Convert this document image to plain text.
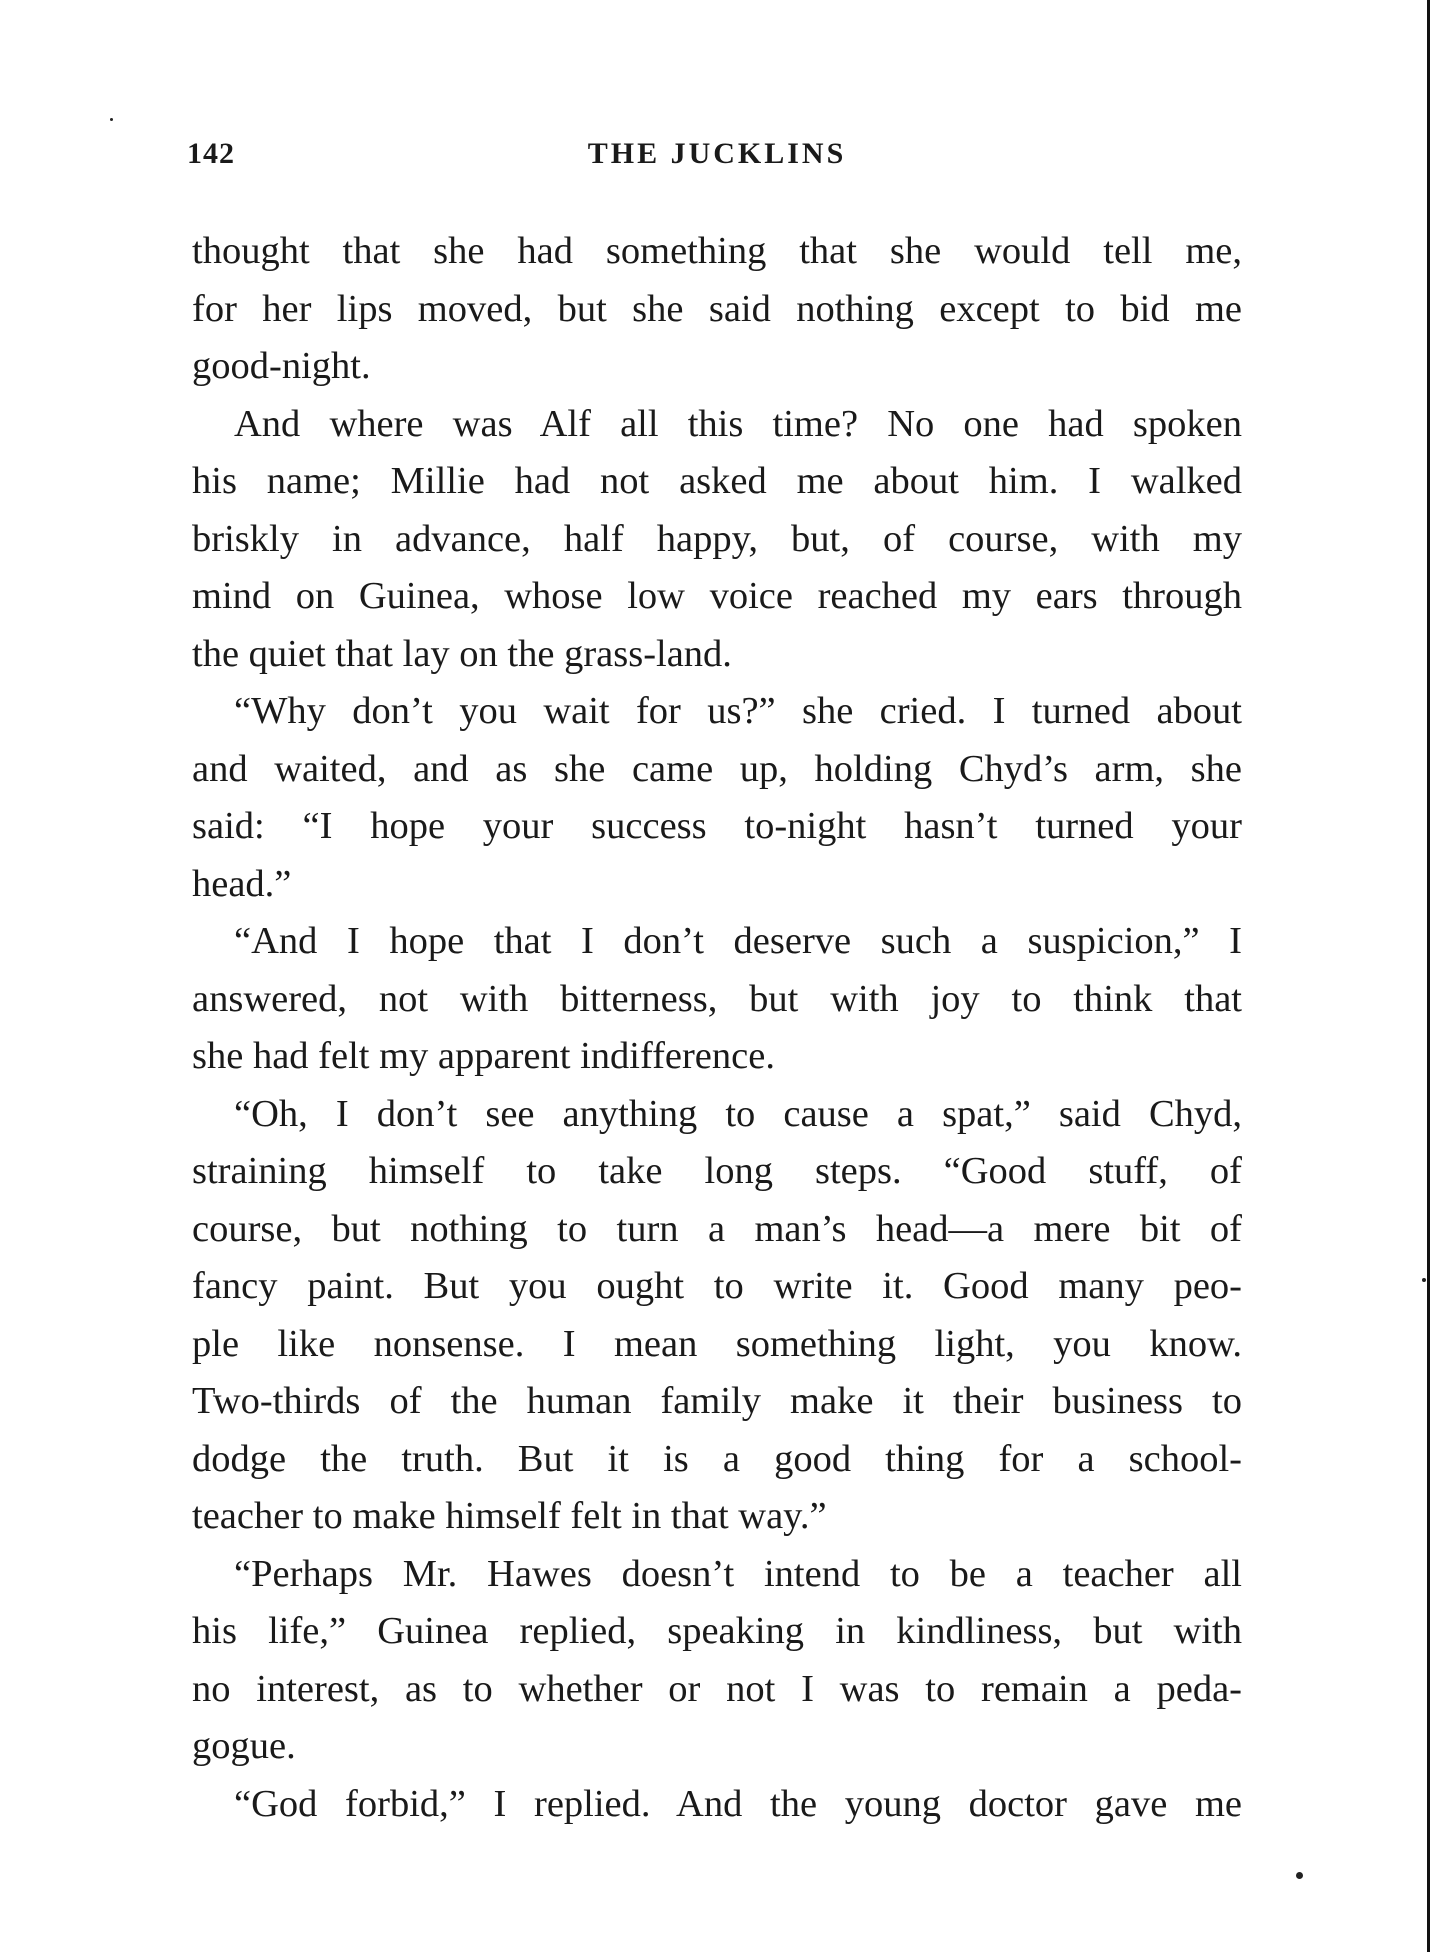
142	THE JUCKLINS
thought that she had something that she would tell me,
for her lips moved, but she said nothing except to bid me
good-night.
And where was Alf all this time? No one had spoken
his name; Millie had not asked me about him. I walked
briskly in advance, half happy, but, of course, with my
mind on Guinea, whose low voice reached my ears through
the quiet that lay on the grass-land.
“Why don’t you wait for us?” she cried. I turned about
and waited, and as she came up, holding Chyd’s arm, she
said: “I hope your success to-night hasn’t turned your
head.”
“And I hope that I don’t deserve such a suspicion,” I
answered, not with bitterness, but with joy to think that
she had felt my apparent indifference.
“Oh, I don’t see anything to cause a spat,” said Chyd,
straining himself to take long steps. “Good stuff, of
course, but nothing to turn a man’s head—a mere bit of
fancy paint. But you ought to write it. Good many peo-
ple like nonsense. I mean something light, you know.
Two-thirds of the human family make it their business to
dodge the truth. But it is a good thing for a school-
teacher to make himself felt in that way.”
“Perhaps Mr. Hawes doesn’t intend to be a teacher all
his life,” Guinea replied, speaking in kindliness, but with
no interest, as to whether or not I was to remain a peda-
gogue.
“God forbid,” I replied. And the young doctor gave me
